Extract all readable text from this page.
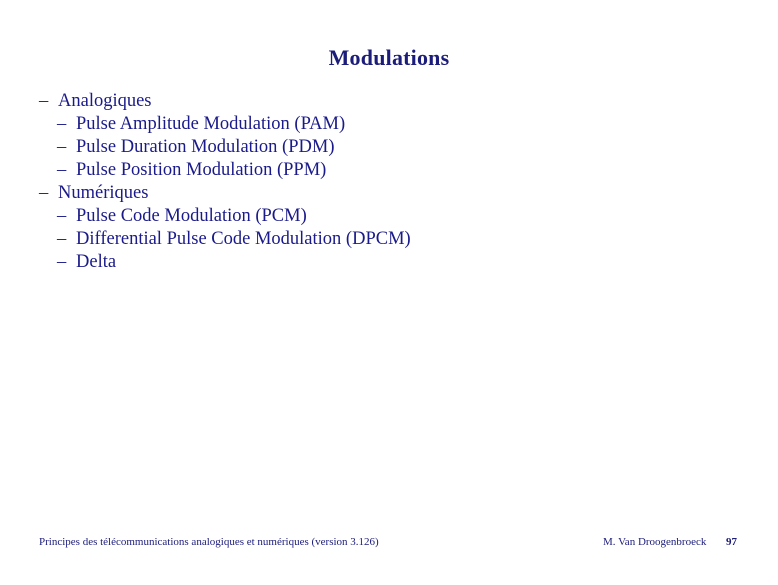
Modulations
– Analogiques
– Pulse Amplitude Modulation (PAM)
– Pulse Duration Modulation (PDM)
– Pulse Position Modulation (PPM)
– Numériques
– Pulse Code Modulation (PCM)
– Differential Pulse Code Modulation (DPCM)
– Delta
Principes des télécommunications analogiques et numériques (version 3.126)	M. Van Droogenbroeck 97
